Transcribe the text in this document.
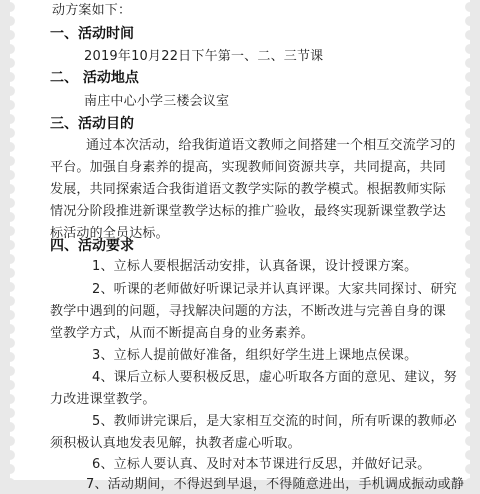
动方案如下：
一、活动时间
2019年10月22日下午第一、二、三节课
二、 活动地点
南庄中心小学三楼会议室
三、活动目的
通过本次活动，给我街道语文教师之间搭建一个相互交流学习的
平台。加强自身素养的提高，实现教师间资源共享，共同提高，共同
发展，共同探索适合我街道语文教学实际的教学模式。根据教师实际
情况分阶段推进新课堂教学达标的推广验收，最终实现新课堂教学达
标活动的全员达标。
四、活动要求
1、立标人要根据活动安排，认真备课，设计授课方案。
2、听课的老师做好听课记录并认真评课。大家共同探讨、研究
教学中遇到的问题，寻找解决问题的方法，不断改进与完善自身的课
堂教学方式，从而不断提高自身的业务素养。
3、立标人提前做好准备，组织好学生进上课地点侯课。
4、课后立标人要积极反思，虚心听取各方面的意见、建议，努
力改进课堂教学。
5、教师讲完课后，是大家相互交流的时间，所有听课的教师必
须积极认真地发表见解，执教者虚心听取。
6、立标人要认真、及时对本节课进行反思，并做好记录。
7、活动期间，不得迟到早退，不得随意进出，手机调成振动或静
